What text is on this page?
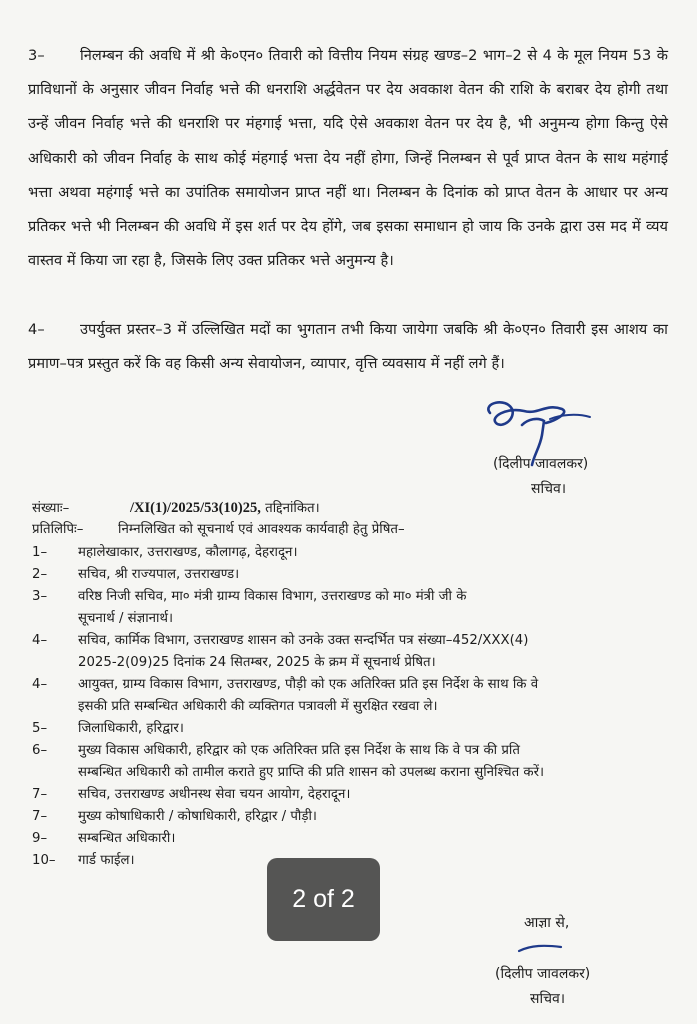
3– निलम्बन की अवधि में श्री के०एन० तिवारी को वित्तीय नियम संग्रह खण्ड–2 भाग–2 से 4 के मूल नियम 53 के प्राविधानों के अनुसार जीवन निर्वाह भत्ते की धनराशि अर्द्धवेतन पर देय अवकाश वेतन की राशि के बराबर देय होगी तथा उन्हें जीवन निर्वाह भत्ते की धनराशि पर मंहगाई भत्ता, यदि ऐसे अवकाश वेतन पर देय है, भी अनुमन्य होगा किन्तु ऐसे अधिकारी को जीवन निर्वाह के साथ कोई मंहगाई भत्ता देय नहीं होगा, जिन्हें निलम्बन से पूर्व प्राप्त वेतन के साथ महंगाई भत्ता अथवा महंगाई भत्ते का उपांतिक समायोजन प्राप्त नहीं था। निलम्बन के दिनांक को प्राप्त वेतन के आधार पर अन्य प्रतिकर भत्ते भी निलम्बन की अवधि में इस शर्त पर देय होंगे, जब इसका समाधान हो जाय कि उनके द्वारा उस मद में व्यय वास्तव में किया जा रहा है, जिसके लिए उक्त प्रतिकर भत्ते अनुमन्य है।
4– उपर्युक्त प्रस्तर–3 में उल्लिखित मदों का भुगतान तभी किया जायेगा जबकि श्री के०एन० तिवारी इस आशय का प्रमाण–पत्र प्रस्तुत करें कि वह किसी अन्य सेवायोजन, व्यापार, वृत्ति व्यवसाय में नहीं लगे हैं।
(दिलीप जावलकर)
सचिव।
संख्याः–	/XI(1)/2025/53(10)25, तद्दिनांकित।
प्रतिलिपिः–	निम्नलिखित को सूचनार्थ एवं आवश्यक कार्यवाही हेतु प्रेषित–
1– महालेखाकार, उत्तराखण्ड, कौलागढ़, देहरादून।
2– सचिव, श्री राज्यपाल, उत्तराखण्ड।
3– वरिष्ठ निजी सचिव, मा० मंत्री ग्राम्य विकास विभाग, उत्तराखण्ड को मा० मंत्री जी के
सूचनार्थ / संज्ञानार्थ।
4– सचिव, कार्मिक विभाग, उत्तराखण्ड शासन को उनके उक्त सन्दर्भित पत्र संख्या–452/XXX(4)
2025-2(09)25 दिनांक 24 सितम्बर, 2025 के क्रम में सूचनार्थ प्रेषित।
4– आयुक्त, ग्राम्य विकास विभाग, उत्तराखण्ड, पौड़ी को एक अतिरिक्त प्रति इस निर्देश के साथ कि वे
इसकी प्रति सम्बन्धित अधिकारी की व्यक्तिगत पत्रावली में सुरक्षित रखवा ले।
5– जिलाधिकारी, हरिद्वार।
6– मुख्य विकास अधिकारी, हरिद्वार को एक अतिरिक्त प्रति इस निर्देश के साथ कि वे पत्र की प्रति
सम्बन्धित अधिकारी को तामील कराते हुए प्राप्ति की प्रति शासन को उपलब्ध कराना सुनिश्चित करें।
7– सचिव, उत्तराखण्ड अधीनस्थ सेवा चयन आयोग, देहरादून।
7– मुख्य कोषाधिकारी / कोषाधिकारी, हरिद्वार / पौड़ी।
9– सम्बन्धित अधिकारी।
10– गार्ड फाईल।
आज्ञा से,
(दिलीप जावलकर)
सचिव।
2 of 2
